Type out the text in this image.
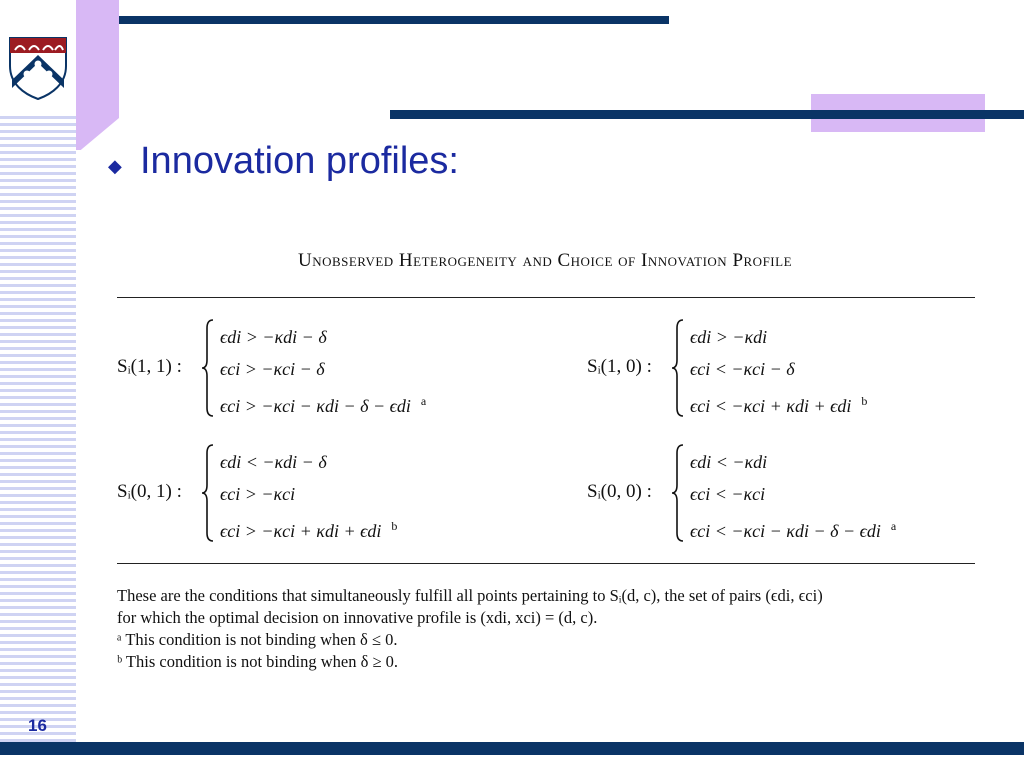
◆ Innovation profiles:
Unobserved Heterogeneity and Choice of Innovation Profile
Sᵢ(1, 1) :
ϵdi > −κdi − δ
ϵci > −κci − δ
ϵci > −κci − κdi − δ − ϵdi $^a$
Sᵢ(1, 0) :
ϵdi > −κdi
ϵci < −κci − δ
ϵci < −κci + κdi + ϵdi $^b$
Sᵢ(0, 1) :
ϵdi < −κdi − δ
ϵci > −κci
ϵci > −κci + κdi + ϵdi $^b$
Sᵢ(0, 0) :
ϵdi < −κdi
ϵci < −κci
ϵci < −κci − κdi − δ − ϵdi $^a$

These are the conditions that simultaneously fulfill all points pertaining to Sᵢ(d, c), the set of pairs (ϵdi, ϵci)

for which the optimal decision on innovative profile is (xdi, xci) = (d, c).

ᵃ This condition is not binding when δ ≤ 0.

ᵇ This condition is not binding when δ ≥ 0.

16
